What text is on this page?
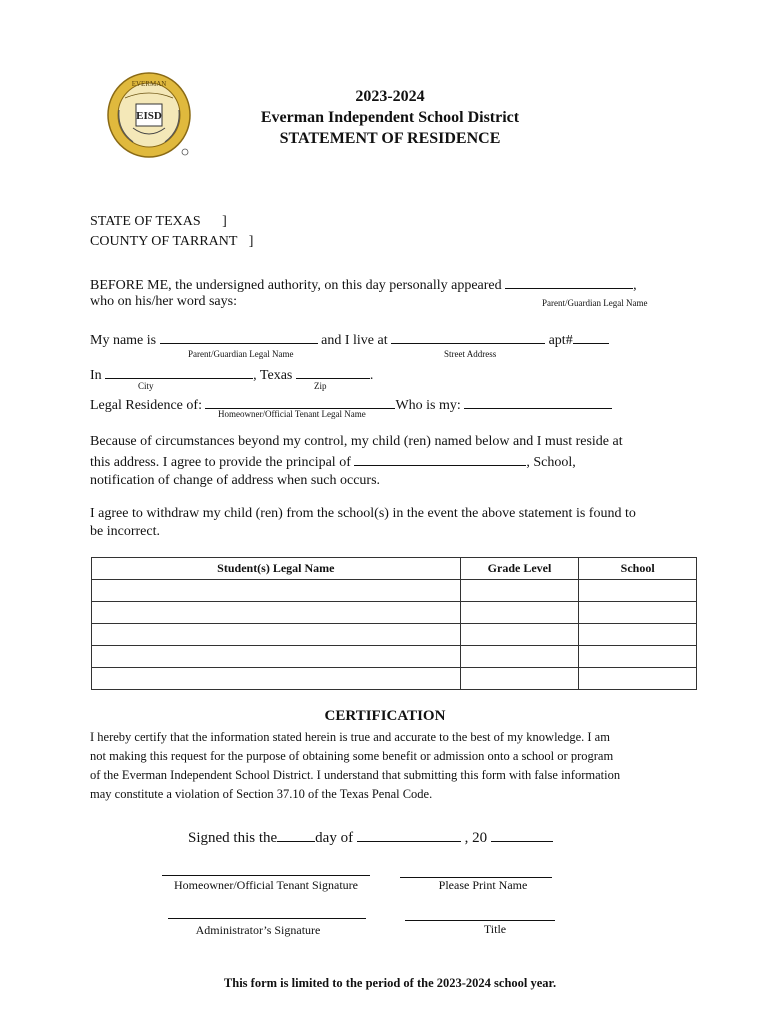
EVERMAN
EISD
2023-2024
Everman Independent School District
STATEMENT OF RESIDENCE
STATE OF TEXAS ]
COUNTY OF TARRANT ]
BEFORE ME, the undersigned authority, on this day personally appeared	,
who on his/her word says:	Parent/Guardian Legal Name
My name is	and I live at	apt#
Parent/Guardian Legal Name	Street Address
In	, Texas	.
City	Zip
Legal Residence of:	Who is my:
Homeowner/Official Tenant Legal Name
Because of circumstances beyond my control, my child (ren) named below and I must reside at
this address. I agree to provide the principal of	, School,
notification of change of address when such occurs.
I agree to withdraw my child (ren) from the school(s) in the event the above statement is found to
be incorrect.
Student(s) Legal Name	Grade Level	School

CERTIFICATION
I hereby certify that the information stated herein is true and accurate to the best of my knowledge. I am
not making this request for the purpose of obtaining some benefit or admission onto a school or program
of the Everman Independent School District. I understand that submitting this form with false information
may constitute a violation of Section 37.10 of the Texas Penal Code.
Signed this the	day of	, 20
Homeowner/Official Tenant Signature	Please Print Name
Administrator’s Signature	Title
This form is limited to the period of the 2023-2024 school year.
